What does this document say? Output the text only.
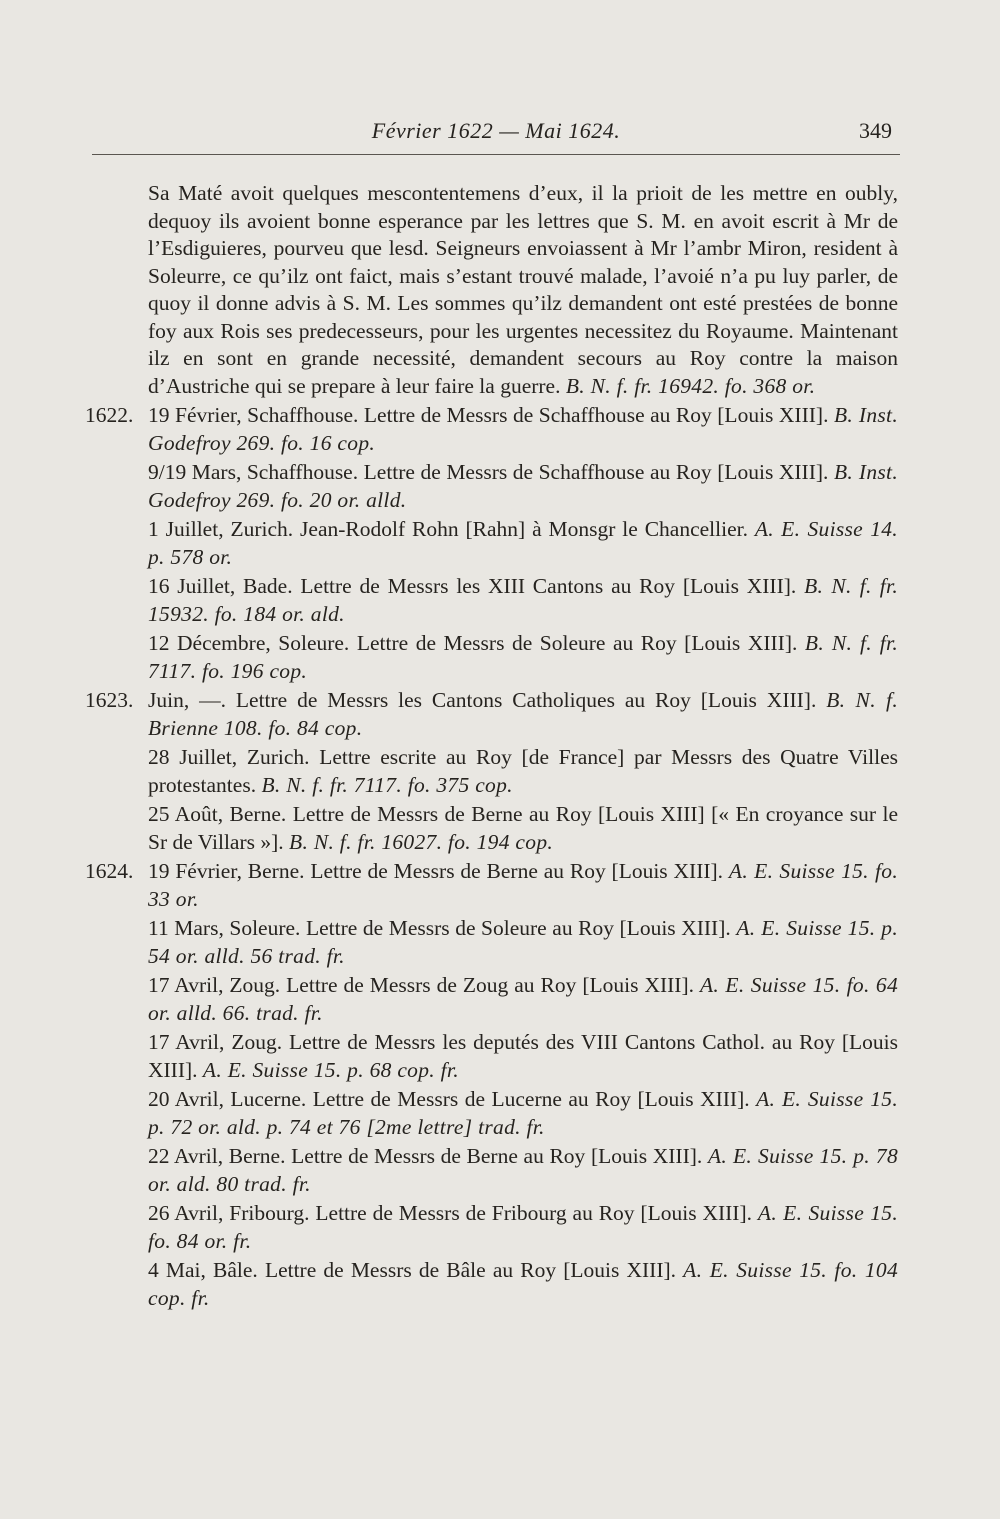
Février 1622 — Mai 1624.	349

Sa Maté avoit quelques mescontentemens d’eux, il la prioit de les mettre en oubly, dequoy ils avoient bonne esperance par les lettres que S. M. en avoit escrit à Mr de l’Esdiguieres, pourveu que lesd. Seigneurs envoiassent à Mr l’ambr Miron, resident à Soleurre, ce qu’ilz ont faict, mais s’estant trouvé malade, l’avoié n’a pu luy parler, de quoy il donne advis à S. M. Les sommes qu’ilz demandent ont esté prestées de bonne foy aux Rois ses predecesseurs, pour les urgentes necessitez du Royaume. Maintenant ilz en sont en grande necessité, demandent secours au Roy contre la maison d’Austriche qui se prepare à leur faire la guerre. B. N. f. fr. 16942. fo. 368 or.

1622. 19 Février, Schaffhouse. Lettre de Messrs de Schaffhouse au Roy [Louis XIII]. B. Inst. Godefroy 269. fo. 16 cop.

9/19 Mars, Schaffhouse. Lettre de Messrs de Schaffhouse au Roy [Louis XIII]. B. Inst. Godefroy 269. fo. 20 or. alld.

1 Juillet, Zurich. Jean-Rodolf Rohn [Rahn] à Monsgr le Chancellier. A. E. Suisse 14. p. 578 or.

16 Juillet, Bade. Lettre de Messrs les XIII Cantons au Roy [Louis XIII]. B. N. f. fr. 15932. fo. 184 or. ald.

12 Décembre, Soleure. Lettre de Messrs de Soleure au Roy [Louis XIII]. B. N. f. fr. 7117. fo. 196 cop.

1623. Juin, —. Lettre de Messrs les Cantons Catholiques au Roy [Louis XIII]. B. N. f. Brienne 108. fo. 84 cop.

28 Juillet, Zurich. Lettre escrite au Roy [de France] par Messrs des Quatre Villes protestantes. B. N. f. fr. 7117. fo. 375 cop.

25 Août, Berne. Lettre de Messrs de Berne au Roy [Louis XIII] [« En croyance sur le Sr de Villars »]. B. N. f. fr. 16027. fo. 194 cop.

1624. 19 Février, Berne. Lettre de Messrs de Berne au Roy [Louis XIII]. A. E. Suisse 15. fo. 33 or.

11 Mars, Soleure. Lettre de Messrs de Soleure au Roy [Louis XIII]. A. E. Suisse 15. p. 54 or. alld. 56 trad. fr.

17 Avril, Zoug. Lettre de Messrs de Zoug au Roy [Louis XIII]. A. E. Suisse 15. fo. 64 or. alld. 66. trad. fr.

17 Avril, Zoug. Lettre de Messrs les deputés des VIII Cantons Cathol. au Roy [Louis XIII]. A. E. Suisse 15. p. 68 cop. fr.

20 Avril, Lucerne. Lettre de Messrs de Lucerne au Roy [Louis XIII]. A. E. Suisse 15. p. 72 or. ald. p. 74 et 76 [2me lettre] trad. fr.

22 Avril, Berne. Lettre de Messrs de Berne au Roy [Louis XIII]. A. E. Suisse 15. p. 78 or. ald. 80 trad. fr.

26 Avril, Fribourg. Lettre de Messrs de Fribourg au Roy [Louis XIII]. A. E. Suisse 15. fo. 84 or. fr.

4 Mai, Bâle. Lettre de Messrs de Bâle au Roy [Louis XIII]. A. E. Suisse 15. fo. 104 cop. fr.
